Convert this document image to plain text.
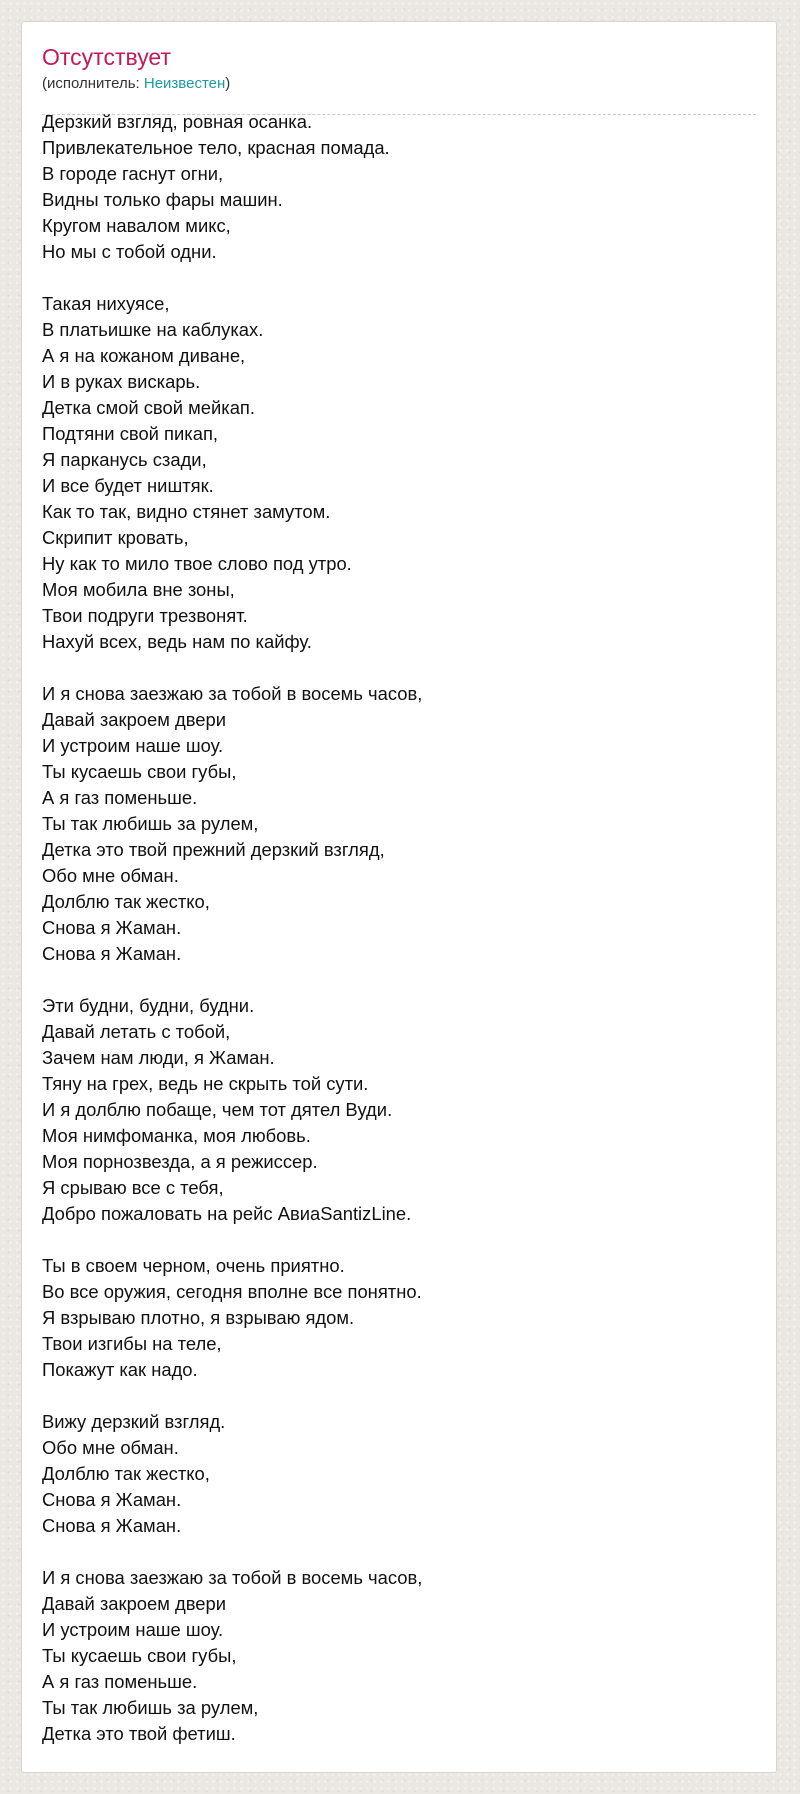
Отсутствует
(исполнитель: Неизвестен)
Дерзкий взгляд, ровная осанка.
Привлекательное тело, красная помада.
В городе гаснут огни,
Видны только фары машин.
Кругом навалом микс,
Но мы с тобой одни.
Такая нихуясе,
В платьишке на каблуках.
А я на кожаном диване,
И в руках вискарь.
Детка смой свой мейкап.
Подтяни свой пикап,
Я паркануcь сзади,
И все будет ништяк.
Как то так, видно стянет замутом.
Скрипит кровать,
Ну как то мило твое слово под утро.
Моя мобила вне зоны,
Твои подруги трезвонят.
Нахуй всех, ведь нам по кайфу.
И я снова заезжаю за тобой в восемь часов,
Давай закроем двери
И устроим наше шоу.
Ты кусаешь свои губы,
А я газ поменьше.
Ты так любишь за рулем,
Детка это твой прежний дерзкий взгляд,
Обо мне обман.
Долблю так жестко,
Снова я Жаман.
Снова я Жаман.
Эти будни, будни, будни.
Давай летать с тобой,
Зачем нам люди, я Жаман.
Тяну на грех, ведь не скрыть той сути.
И я долблю побаще, чем тот дятел Вуди.
Моя нимфоманка, моя любовь.
Моя порнозвезда, а я режиссер.
Я срываю все с тебя,
Добро пожаловать на рейс АвиаSantizLine.
Ты в своем черном, очень приятно.
Во все оружия, сегодня вполне все понятно.
Я взрываю плотно, я взрываю ядом.
Твои изгибы на теле,
Покажут как надо.
Вижу дерзкий взгляд.
Обо мне обман.
Долблю так жестко,
Снова я Жаман.
Снова я Жаман.
И я снова заезжаю за тобой в восемь часов,
Давай закроем двери
И устроим наше шоу.
Ты кусаешь свои губы,
А я газ поменьше.
Ты так любишь за рулем,
Детка это твой фетиш.
